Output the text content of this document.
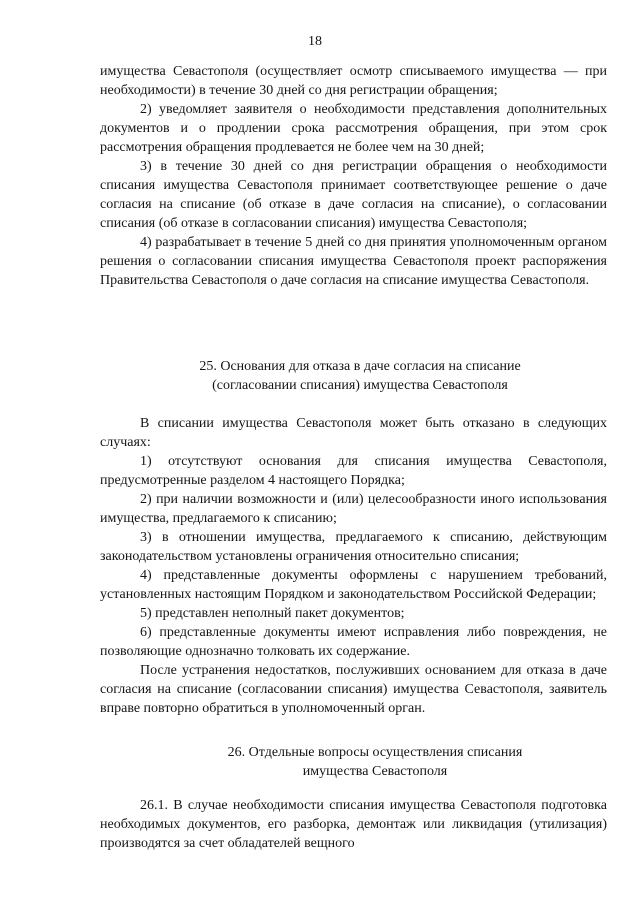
18

имущества Севастополя (осуществляет осмотр списываемого имущества — при необходимости) в течение 30 дней со дня регистрации обращения;

2) уведомляет заявителя о необходимости представления дополнительных документов и о продлении срока рассмотрения обращения, при этом срок рассмотрения обращения продлевается не более чем на 30 дней;

3) в течение 30 дней со дня регистрации обращения о необходимости списания имущества Севастополя принимает соответствующее решение о даче согласия на списание (об отказе в даче согласия на списание), о согласовании списания (об отказе в согласовании списания) имущества Севастополя;

4) разрабатывает в течение 5 дней со дня принятия уполномоченным органом решения о согласовании списания имущества Севастополя проект распоряжения Правительства Севастополя о даче согласия на списание имущества Севастополя.

25. Основания для отказа в даче согласия на списание
(согласовании списания) имущества Севастополя

В списании имущества Севастополя может быть отказано в следующих случаях:

1) отсутствуют основания для списания имущества Севастополя, предусмотренные разделом 4 настоящего Порядка;

2) при наличии возможности и (или) целесообразности иного использования имущества, предлагаемого к списанию;

3) в отношении имущества, предлагаемого к списанию, действующим законодательством установлены ограничения относительно списания;

4) представленные документы оформлены с нарушением требований, установленных настоящим Порядком и законодательством Российской Федерации;

5) представлен неполный пакет документов;

6) представленные документы имеют исправления либо повреждения, не позволяющие однозначно толковать их содержание.

После устранения недостатков, послуживших основанием для отказа в даче согласия на списание (согласовании списания) имущества Севастополя, заявитель вправе повторно обратиться в уполномоченный орган.

26. Отдельные вопросы осуществления списания
имущества Севастополя

26.1. В случае необходимости списания имущества Севастополя подготовка необходимых документов, его разборка, демонтаж или ликвидация (утилизация) производятся за счет обладателей вещного
